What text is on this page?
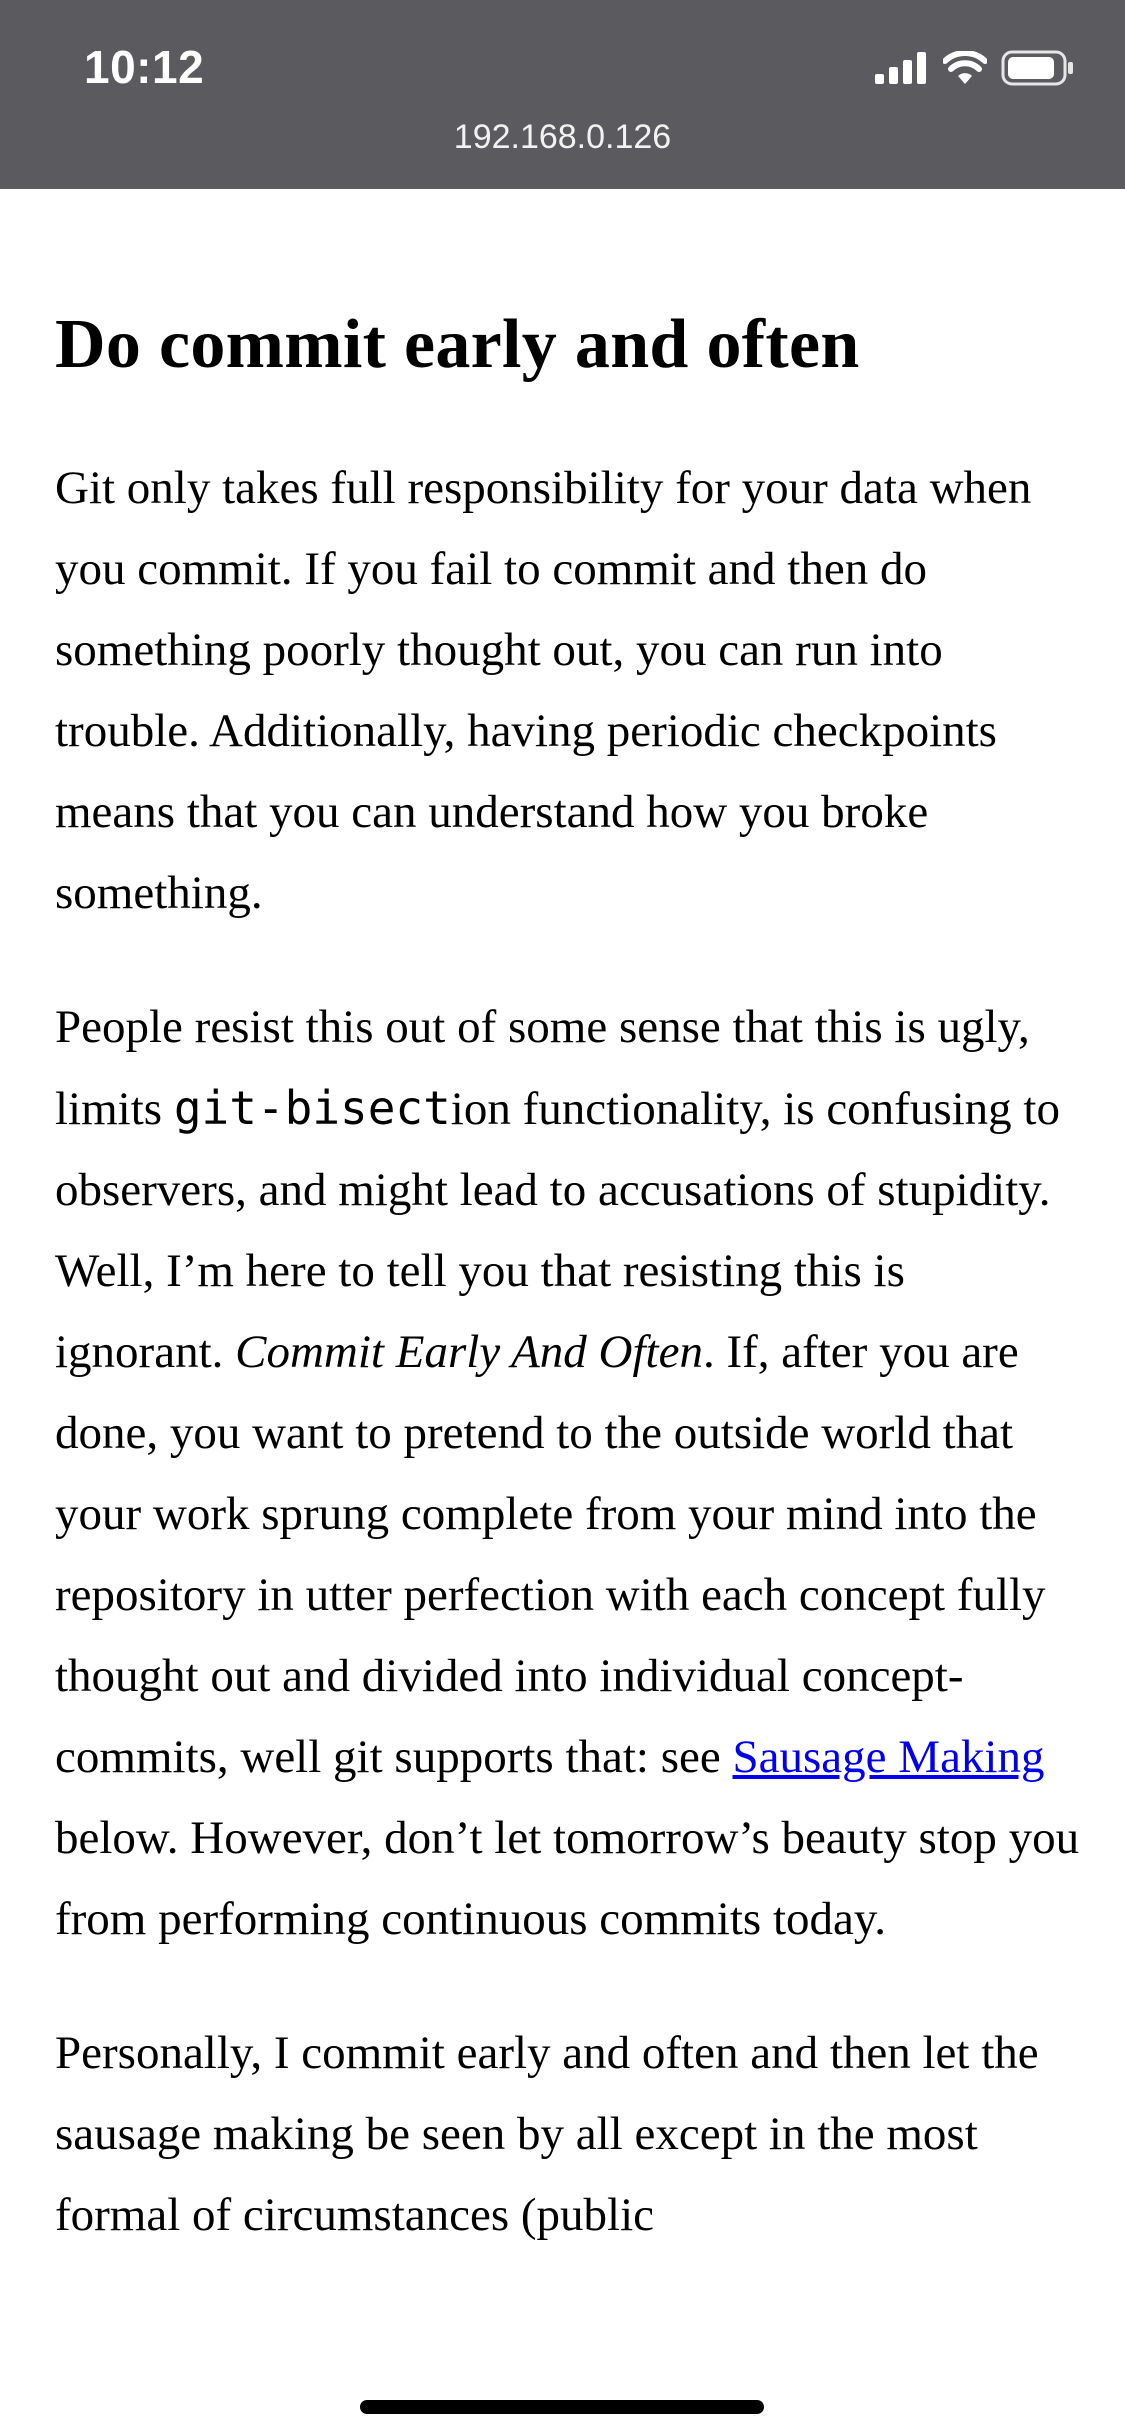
10:12
192.168.0.126
Do commit early and often

Git only takes full responsibility for your data when you commit. If you fail to commit and then do something poorly thought out, you can run into trouble. Additionally, having periodic checkpoints means that you can understand how you broke something.

People resist this out of some sense that this is ugly, limits git-bisection functionality, is confusing to observers, and might lead to accusations of stupidity. Well, I’m here to tell you that resisting this is ignorant. Commit Early And Often. If, after you are done, you want to pretend to the outside world that your work sprung complete from your mind into the repository in utter perfection with each concept fully thought out and divided into individual concept-commits, well git supports that: see Sausage Making below. However, don’t let tomorrow’s beauty stop you from performing continuous commits today.

Personally, I commit early and often and then let the sausage making be seen by all except in the most formal of circumstances (public
